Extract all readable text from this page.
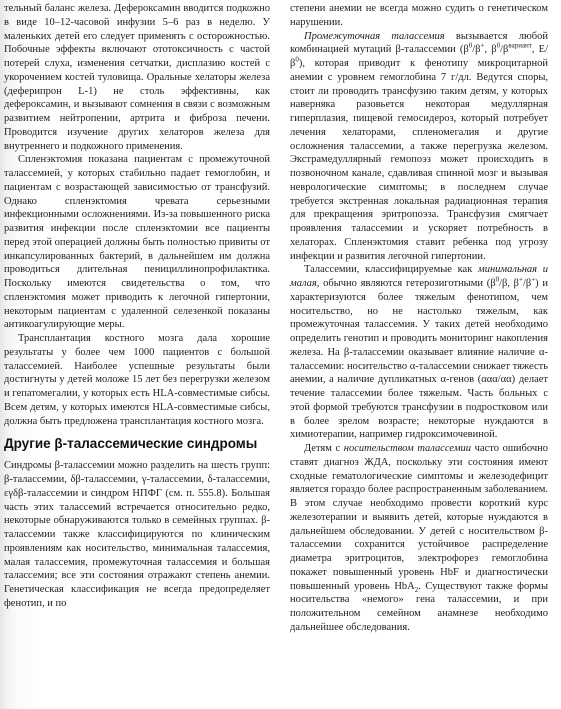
тельный баланс железа. Дефероксамин вводится подкожно в виде 10–12-часовой инфузии 5–6 раз в неделю. У маленьких детей его следует применять с осторожностью. Побочные эффекты включают ототоксичность с частой потерей слуха, изменения сетчатки, дисплазию костей с укорочением костей туловища. Оральные хелаторы железа (деферипрон L-1) не столь эффективны, как дефероксамин, и вызывают сомнения в связи с возможным развитием нейтропении, артрита и фиброза печени. Проводится изучение других хелаторов железа для внутреннего и подкожного применения.

Спленэктомия показана пациентам с промежуточной талассемией, у которых стабильно падает гемоглобин, и пациентам с возрастающей зависимостью от трансфузий. Однако спленэктомия чревата серьезными инфекционными осложнениями. Из-за повышенного риска развития инфекции после спленэктомии все пациенты перед этой операцией должны быть полностью привиты от инкапсулированных бактерий, в дальнейшем им должна проводиться длительная пенициллинопрофилактика. Поскольку имеются свидетельства о том, что спленэктомия может приводить к легочной гипертонии, некоторым пациентам с удаленной селезенкой показаны антикоагулирующие меры.

Трансплантация костного мозга дала хорошие результаты у более чем 1000 пациентов с большой талассемией. Наиболее успешные результаты были достигнуты у детей моложе 15 лет без перегрузки железом и гепатомегалии, у которых есть HLA-совместимые сибсы. Всем детям, у которых имеются HLA-совместимые сибсы, должна быть предложена трансплантация костного мозга.

Другие β-талассемические синдромы

Синдромы β-талассемии можно разделить на шесть групп: β-талассемии, δβ-талассемии, γ-талассемии, δ-талассемии, εγδβ-талассемии и синдром НПФГ (см. п. 555.8). Большая часть этих талассемий встречается относительно редко, некоторые обнаруживаются только в семейных группах. β-талассемии также классифицируются по клиническим проявлениям как носительство, минимальная талассемия, малая талассемия, промежуточная талассемия и большая талассемия; все эти состояния отражают степень анемии. Генетическая классификация не всегда предопределяет фенотип, и по

степени анемии не всегда можно судить о генетическом нарушении.

Промежуточная талассемия вызывается любой комбинацией мутаций β-талассемии ($\beta^0/\beta^+$, $\beta^0/\beta^{вариант}$, $E/\beta^0$), которая приводит к фенотипу микроцитарной анемии с уровнем гемоглобина 7 г/дл. Ведутся споры, стоит ли проводить трансфузию таким детям, у которых наверняка разовьется некоторая медуллярная гиперплазия, пищевой гемосидероз, который потребует лечения хелаторами, спленомегалия и другие осложнения талассемии, а также перегрузка железом. Экстрамедуллярный гемопоэз может происходить в позвоночном канале, сдавливая спинной мозг и вызывая неврологические симптомы; в последнем случае требуется экстренная локальная радиационная терапия для прекращения эритропоэза. Трансфузия смягчает проявления талассемии и ускоряет потребность в хелаторах. Спленэктомия ставит ребенка под угрозу инфекции и развития легочной гипертонии.

Талассемии, классифицируемые как минимальная и малая, обычно являются гетерозиготными ($\beta^0/\beta$, β+/β+) и характеризуются более тяжелым фенотипом, чем носительство, но не настолько тяжелым, как промежуточная талассемия. У таких детей необходимо определить генотип и проводить мониторинг накопления железа. На β-талассемии оказывает влияние наличие α-талассемии: носительство α-талассемии снижает тяжесть анемии, а наличие дупликатных α-генов (ααα/αα) делает течение талассемии более тяжелым. Часть больных с этой формой требуются трансфузии в подростковом или в более зрелом возрасте; некоторые нуждаются в химиотерапии, например гидроксимочевиной.

Детям с носительством талассемии часто ошибочно ставят диагноз ЖДА, поскольку эти состояния имеют сходные гематологические симптомы и железодефицит является гораздо более распространенным заболеванием. В этом случае необходимо провести короткий курс железотерапии и выявить детей, которые нуждаются в дальнейшем обследовании. У детей с носительством β-талассемии сохранится устойчивое распределение диаметра эритроцитов, электрофорез гемоглобина покажет повышенный уровень HbF и диагностически повышенный уровень HbA$_2$. Существуют также формы носительства «немого» гена талассемии, и при положительном семейном анамнезе необходимо дальнейшее обследования.
